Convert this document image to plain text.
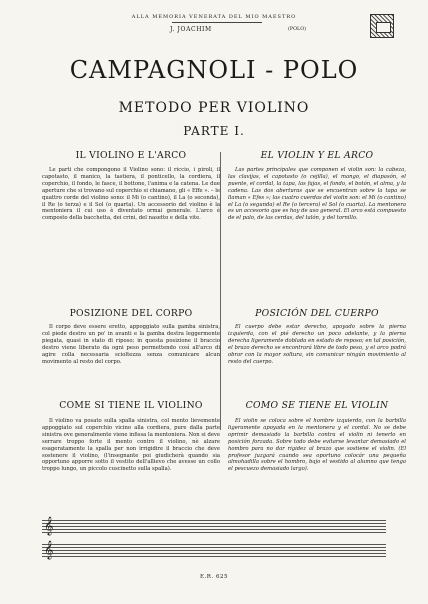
ALLA MEMORIA VENERATA DEL MIO MAESTRO
J. JOACHIM	(POLO)
CAMPAGNOLI - POLO
METODO PER VIOLINO
PARTE I.
IL VIOLINO E L'ARCO
Le parti che compongono il Violino sono: il riccio, i piroli, il capotasto, il manico, la tastiera, il ponticello, la cordiera, il coperchio, il fondo, le fasce, il bottone, l'anima e la catena. Le due aperture che si trovano sul coperchio si chiamano, gli « Effe ». – le quattro corde del violino sono: il Mi (o cantino), il La (o seconda), il Re (o terza) e il Sol (o quarta). Un accessorio del violino è la mentoniera il cui uso è diventato ormai generale. L'arco è composto della bacchetta, dei crini, del nasetto e della vite.
POSIZIONE DEL CORPO
Il corpo deve essere eretto, appoggiato sulla gamba sinistra, col piede destro un po' in avanti e la gamba destra leggermente piegata, quasi in stato di riposo; in questa posizione il braccio destro viene liberato da ogni peso permettendo così all'arco di agire colla necessaria scioltezza senza comunicare alcun movimento al resto del corpo.
COME SI TIENE IL VIOLINO
Il violino va posato sulla spalla sinistra, col mento lievemente appoggiato sul coperchio vicino alla cordiera, pure dalla parte sinistra ove generalmente viene infissa la mentoniera. Non si deve serrare troppo forte il mento contro il violino, nè alzare esageratamente la spalla per non irrigidire il braccio che deve sostenere il violino, (l'insegnante poi giudicherà quando sia opportuno apporre sotto il vestito dell'allievo che avesse un collo troppo lungo, un piccolo cuscinetto sulla spalla).
EL VIOLIN Y EL ARCO
Las partes principales que componen el violin son: la cabeza, las clavijas, el capotasto (o cejilla), el mango, el diapasón, el puente, el cordal, la tapa, las fajas, el fondo, el botón, el alma, y la cadena. Las dos aberturas que se encuentran sobre la tapa se llaman « Efes »; las cuatro cuerdas del violin son: el Mi (o cantino) el La (o segunda) el Re (o tercera) el Sol (o cuarta). La mentonera es un accesorio que es hoy de uso general. El arco está compuesto de el palo, de las cerdas, del talón, y del tornillo.
POSICIÓN DEL CUERPO
El cuerpo debe estar derecho, apoyado sobre la pierna izquierda, con el pié derecho un poco adelante, y la pierna derecha ligeramente doblada en estado de reposo; en tal posición, el brazo derecho se encontrará libre de todo peso, y el arco podrá obrar con la mayor soltura, sin comunicar ningún movimiento al resto del cuerpo.
COMO SE TIENE EL VIOLIN
El violin se coloca sobre el hombre izquierdo, con la barbilla ligeramente apoyada en la mentonera y el cordal. No se debe oprimir demasiado la barbilla contra el violin ni tenerlo en posición forzada. Sobre todo debe evitarse levantar demasiado el hombro para no dar rigidez al brazo que sostiene el violin. (El profesor juzgará cuando sea oportuno colocár una pequeña almohadilla sobre el hombro, bajo el vestido al alumno que tenga el pescuezo demasiado largo).
𝄞
𝄞
E.R. 625
